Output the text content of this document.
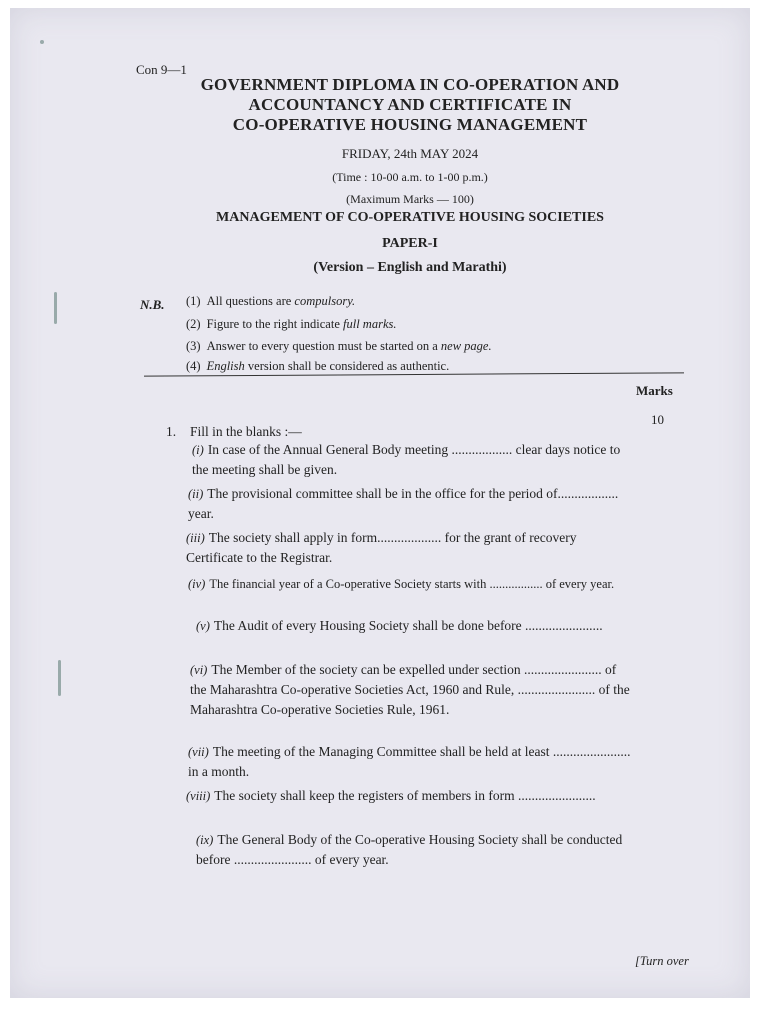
Con 9—1
GOVERNMENT DIPLOMA IN CO-OPERATION AND
ACCOUNTANCY AND CERTIFICATE IN
CO-OPERATIVE HOUSING MANAGEMENT
FRIDAY, 24th MAY 2024
(Time : 10-00 a.m. to 1-00 p.m.)
(Maximum Marks — 100)
MANAGEMENT OF CO-OPERATIVE HOUSING SOCIETIES
PAPER-I
(Version – English and Marathi)
N.B. (1) All questions are compulsory.
(2) Figure to the right indicate full marks.
(3) Answer to every question must be started on a new page.
(4) English version shall be considered as authentic.
Marks
10
1. Fill in the blanks :—
(i) In case of the Annual General Body meeting .................. clear days notice to the meeting shall be given.
(ii) The provisional committee shall be in the office for the period of.................. year.
(iii) The society shall apply in form................... for the grant of recovery Certificate to the Registrar.
(iv) The financial year of a Co-operative Society starts with ................. of every year.
(v) The Audit of every Housing Society shall be done before .......................
(vi) The Member of the society can be expelled under section ....................... of the Maharashtra Co-operative Societies Act, 1960 and Rule, ....................... of the Maharashtra Co-operative Societies Rule, 1961.
(vii) The meeting of the Managing Committee shall be held at least ....................... in a month.
(viii) The society shall keep the registers of members in form .......................
(ix) The General Body of the Co-operative Housing Society shall be conducted before ....................... of every year.
[Turn over
